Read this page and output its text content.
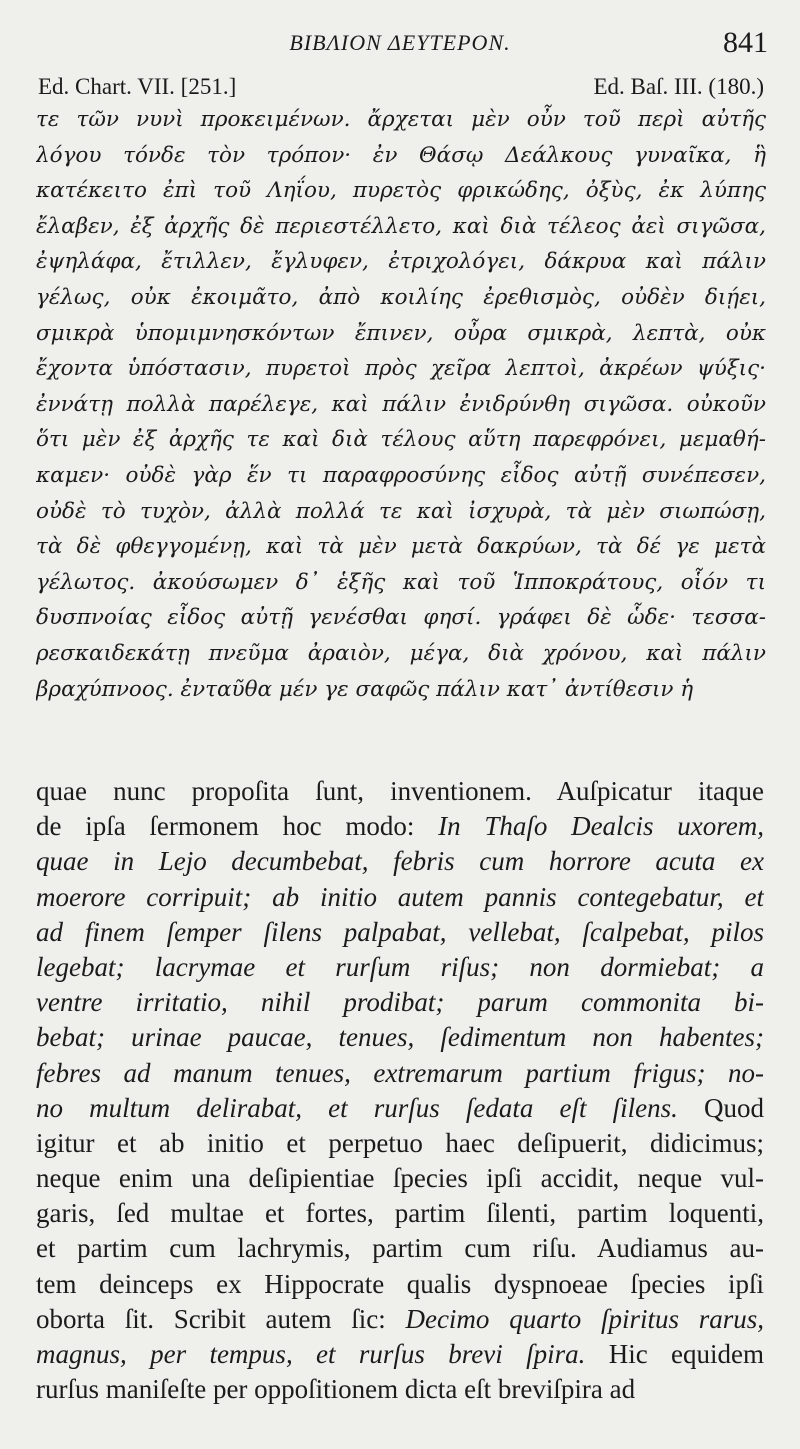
ΒΙΒΛΙΟΝ ΔΕΥΤΕΡΟΝ.	841
Ed. Chart. VII. [251.]	Ed. Baſ. III. (180.)
τε τῶν νυνὶ προκειμένων. ἄρχεται μὲν οὖν τοῦ περὶ αὐτῆς
λόγου τόνδε τὸν τρόπον· ἐν Θάσῳ Δεάλκους γυναῖκα, ἣ
κατέκειτο ἐπὶ τοῦ Ληΐου, πυρετὸς φρικώδης, ὀξὺς, ἐκ λύπης
ἔλαβεν, ἐξ ἀρχῆς δὲ περιεστέλλετο, καὶ διὰ τέλεος ἀεὶ σιγῶσα,
ἐψηλάφα, ἔτιλλεν, ἔγλυφεν, ἐτριχολόγει, δάκρυα καὶ πάλιν
γέλως, οὐκ ἐκοιμᾶτο, ἀπὸ κοιλίης ἐρεθισμὸς, οὐδὲν διῄει,
σμικρὰ ὑπομιμνησκόντων ἔπινεν, οὖρα σμικρὰ, λεπτὰ, οὐκ
ἔχοντα ὑπόστασιν, πυρετοὶ πρὸς χεῖρα λεπτοὶ, ἀκρέων ψύξις·
ἐννάτῃ πολλὰ παρέλεγε, καὶ πάλιν ἐνιδρύνθη σιγῶσα. οὐκοῦν
ὅτι μὲν ἐξ ἀρχῆς τε καὶ διὰ τέλους αὕτη παρεφρόνει, μεμαθή-
καμεν· οὐδὲ γὰρ ἕν τι παραφροσύνης εἶδος αὐτῇ συνέπεσεν,
οὐδὲ τὸ τυχὸν, ἀλλὰ πολλά τε καὶ ἰσχυρὰ, τὰ μὲν σιωπώσῃ,
τὰ δὲ φθεγγομένῃ, καὶ τὰ μὲν μετὰ δακρύων, τὰ δέ γε μετὰ
γέλωτος. ἀκούσωμεν δ᾽ ἑξῆς καὶ τοῦ Ἱπποκράτους, οἷόν τι
δυσπνοίας εἶδος αὐτῇ γενέσθαι φησί. γράφει δὲ ὧδε· τεσσα-
ρεσκαιδεκάτῃ πνεῦμα ἀραιὸν, μέγα, διὰ χρόνου, καὶ πάλιν
βραχύπνοος. ἐνταῦθα μέν γε σαφῶς πάλιν κατ᾽ ἀντίθεσιν ἡ
quae nunc propoſita ſunt, inventionem. Auſpicatur itaque
de ipſa ſermonem hoc modo: In Thaſo Dealcis uxorem,
quae in Lejo decumbebat, febris cum horrore acuta ex
moerore corripuit; ab initio autem pannis contegebatur, et
ad finem ſemper ſilens palpabat, vellebat, ſcalpebat, pilos
legebat; lacrymae et rurſum riſus; non dormiebat; a
ventre irritatio, nihil prodibat; parum commonita bi-
bebat; urinae paucae, tenues, ſedimentum non habentes;
febres ad manum tenues, extremarum partium frigus; no-
no multum delirabat, et rurſus ſedata eſt ſilens. Quod
igitur et ab initio et perpetuo haec deſipuerit, didicimus;
neque enim una deſipientiae ſpecies ipſi accidit, neque vul-
garis, ſed multae et fortes, partim ſilenti, partim loquenti,
et partim cum lachrymis, partim cum riſu. Audiamus au-
tem deinceps ex Hippocrate qualis dyspnoeae ſpecies ipſi
oborta ſit. Scribit autem ſic: Decimo quarto ſpiritus rarus,
magnus, per tempus, et rurſus brevi ſpira. Hic equidem
rurſus maniſeſte per oppoſitionem dicta eſt breviſpira ad
